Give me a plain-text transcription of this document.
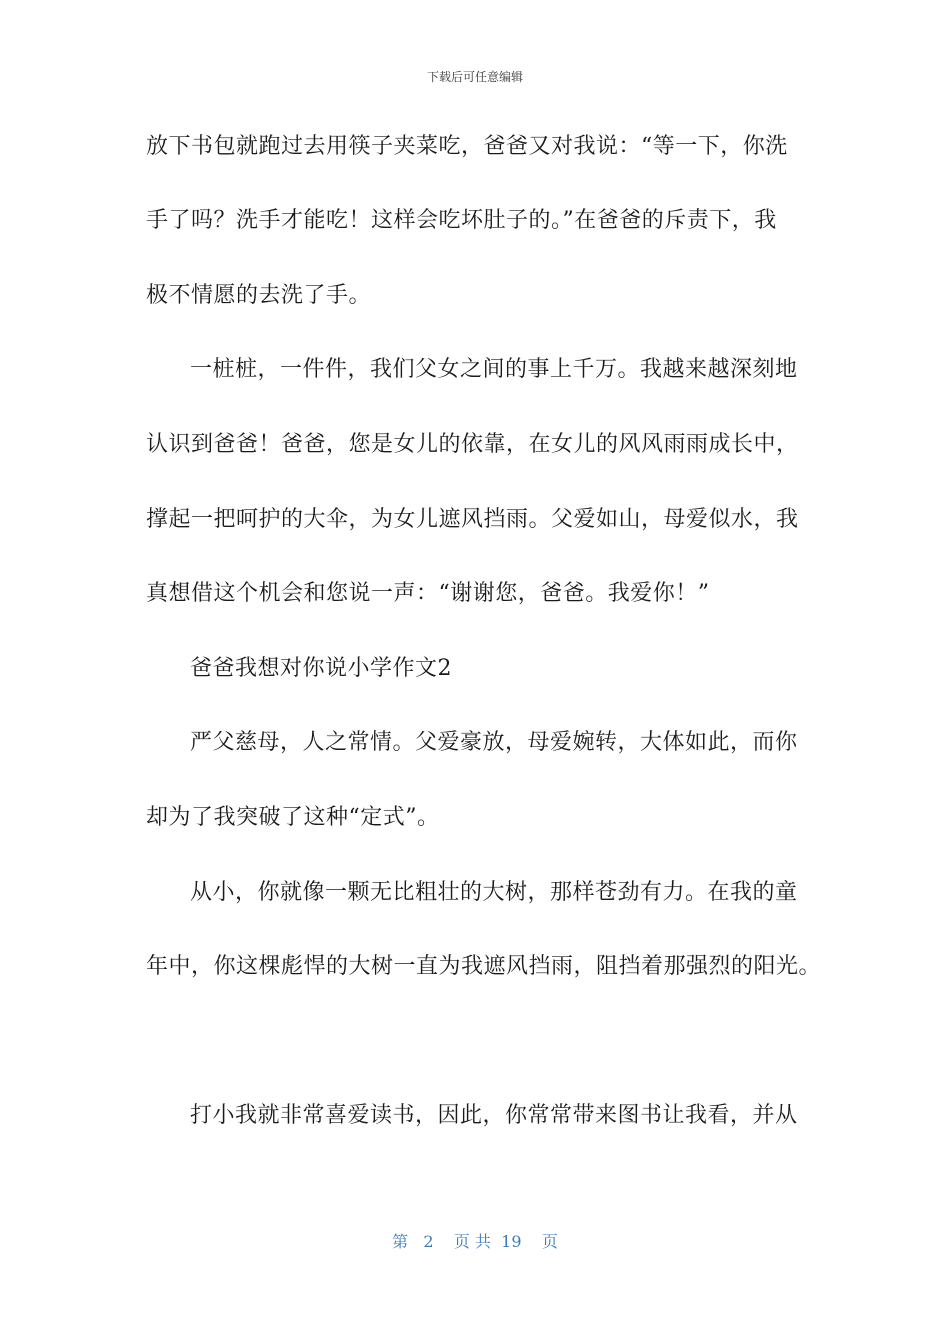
下载后可任意编辑
放下书包就跑过去用筷子夹菜吃，爸爸又对我说：“等一下，你洗
手了吗？洗手才能吃！这样会吃坏肚子的。”在爸爸的斥责下，我
极不情愿的去洗了手。
一桩桩，一件件，我们父女之间的事上千万。我越来越深刻地
认识到爸爸！爸爸，您是女儿的依靠，在女儿的风风雨雨成长中，
撑起一把呵护的大伞，为女儿遮风挡雨。父爱如山，母爱似水，我
真想借这个机会和您说一声：“谢谢您，爸爸。我爱你！”
爸爸我想对你说小学作文2
严父慈母，人之常情。父爱豪放，母爱婉转，大体如此，而你
却为了我突破了这种“定式”。
从小，你就像一颗无比粗壮的大树，那样苍劲有力。在我的童
年中，你这棵彪悍的大树一直为我遮风挡雨，阻挡着那强烈的阳光。
打小我就非常喜爱读书，因此，你常常带来图书让我看，并从
第   2    页 共  19    页
